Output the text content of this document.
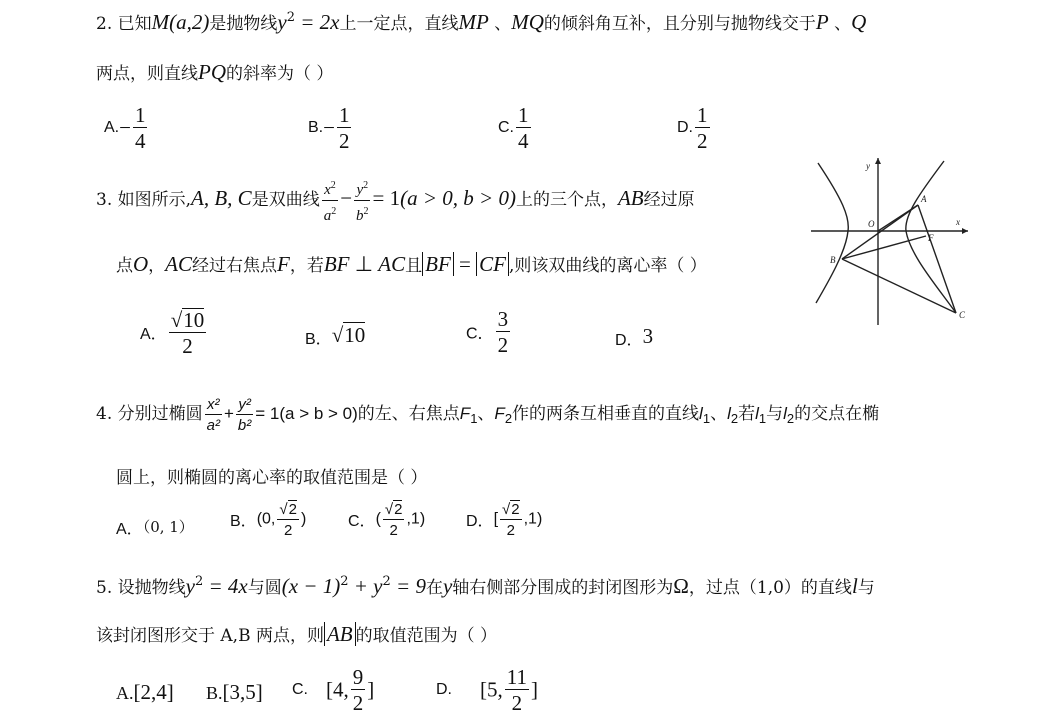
2. 已知M(a,2)是抛物线$y^2 = 2x$上一定点，直线MP 、MQ的倾斜角互补，且分别与抛物线交于P 、Q
两点，则直线PQ的斜率为（ ）
$A.- \frac{1}{4}$	$B.- \frac{1}{2}$	C. $\frac{1}{4}$	D. $\frac{1}{2}$
3. 如图所示,A, B, C是双曲线 $\frac{x^2}{a^2} - \frac{y^2}{b^2} = 1(a > 0$, b > 0)上的三个点，AB经过原
点O，AC经过右焦点F，若BF ⊥ AC且 BF = CF ,则该双曲线的离心率（ ）
A． $\frac{√10}{2}$	B．√10	C． $\frac{3}{2}$	D．3
y
x
O
A
F
B
C
4. 分别过椭圆 $\frac{\text{x²}}{\text{a²}} + \frac{\text{y²}}{\text{b²}} = 1(a > b > 0)$的左、右焦点$F_1$、$F_2$作的两条互相垂直的直线$l_1$、$l_2$若$l_1$与$l_2$的交点在椭
圆上，则椭圆的离心率的取值范围是（ ）
A．（0, 1） B．(0, $\frac{√2}{2}$ )	C．( $\frac{√2}{2} ,1$)	D．[ $\frac{√2}{2} ,1$)
5. 设抛物线$y^2 = 4x$与圆$(x - 1)^2 + y^2 = 9$在y轴右侧部分围成的封闭图形为Ω，过点（1,0）的直线l与
该封闭图形交于 A,B 两点，则 AB 的取值范围为（ ）
A.[2,4] B.[3,5] C. [4, $\frac{9}{2}$ ]	D. [5, $\frac{11}{2}$ ]
